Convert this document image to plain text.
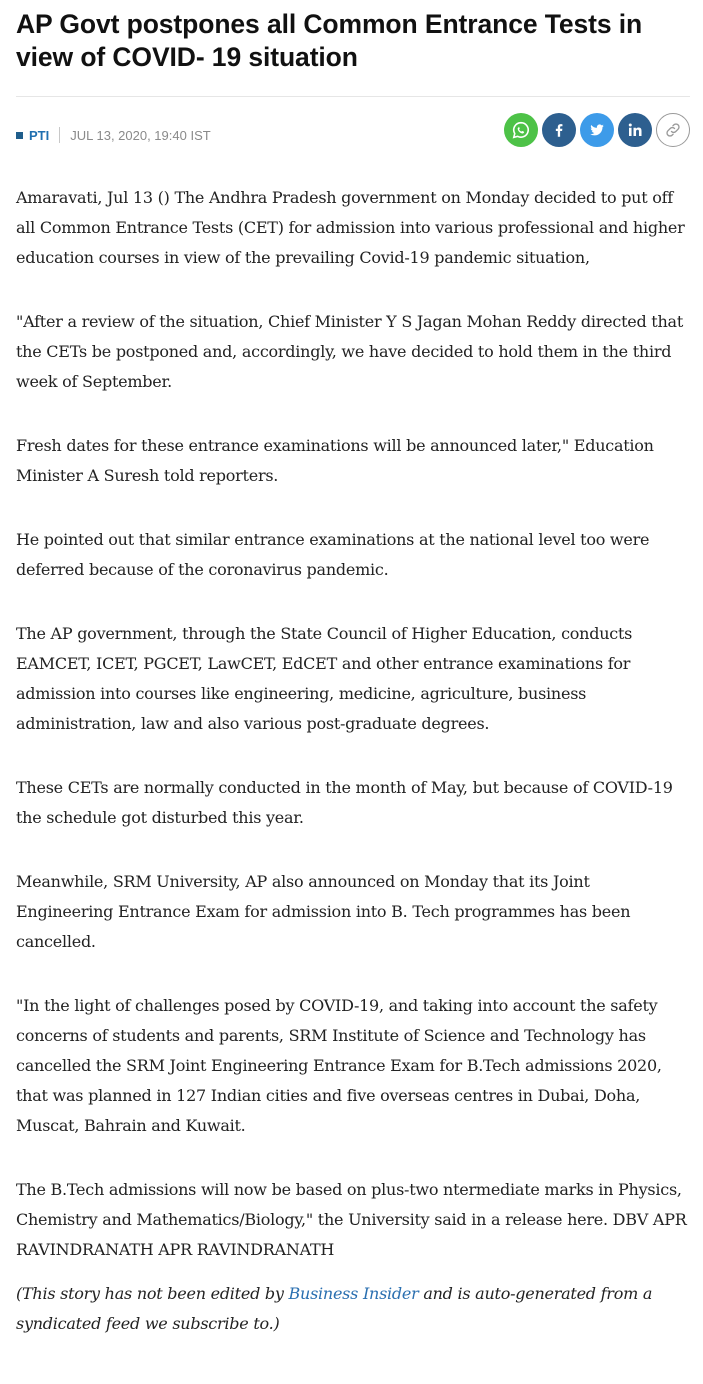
AP Govt postpones all Common Entrance Tests in view of COVID- 19 situation
PTI JUL 13, 2020, 19:40 IST

Amaravati, Jul 13 () The Andhra Pradesh government on Monday decided to put off all Common Entrance Tests (CET) for admission into various professional and higher education courses in view of the prevailing Covid-19 pandemic situation,

"After a review of the situation, Chief Minister Y S Jagan Mohan Reddy directed that the CETs be postponed and, accordingly, we have decided to hold them in the third week of September.

Fresh dates for these entrance examinations will be announced later," Education Minister A Suresh told reporters.

He pointed out that similar entrance examinations at the national level too were deferred because of the coronavirus pandemic.

The AP government, through the State Council of Higher Education, conducts EAMCET, ICET, PGCET, LawCET, EdCET and other entrance examinations for admission into courses like engineering, medicine, agriculture, business administration, law and also various post-graduate degrees.

These CETs are normally conducted in the month of May, but because of COVID-19 the schedule got disturbed this year.

Meanwhile, SRM University, AP also announced on Monday that its Joint Engineering Entrance Exam for admission into B. Tech programmes has been cancelled.

"In the light of challenges posed by COVID-19, and taking into account the safety concerns of students and parents, SRM Institute of Science and Technology has cancelled the SRM Joint Engineering Entrance Exam for B.Tech admissions 2020, that was planned in 127 Indian cities and five overseas centres in Dubai, Doha, Muscat, Bahrain and Kuwait.

The B.Tech admissions will now be based on plus-two ntermediate marks in Physics, Chemistry and Mathematics/Biology," the University said in a release here. DBV APR RAVINDRANATH APR RAVINDRANATH

(This story has not been edited by Business Insider and is auto-generated from a syndicated feed we subscribe to.)
